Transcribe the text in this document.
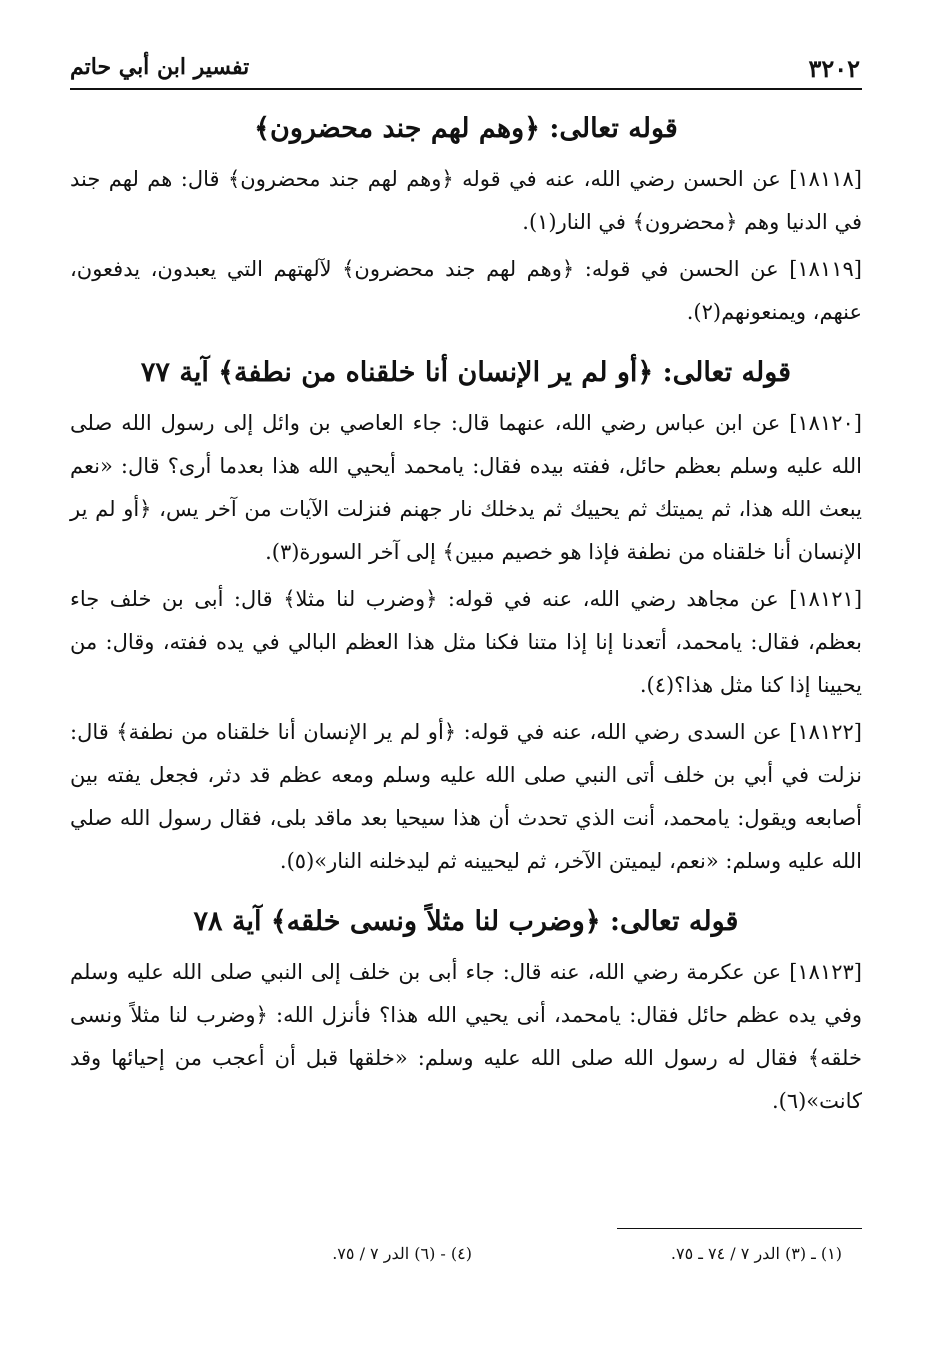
٣٢٠٢
تفسير ابن أبي حاتم
قوله تعالى: ﴿وهم لهم جند محضرون﴾

[١٨١١٨] عن الحسن رضي الله، عنه في قوله ﴿وهم لهم جند محضرون﴾ قال: هم لهم جند في الدنيا وهم ﴿محضرون﴾ في النار(١).

[١٨١١٩] عن الحسن في قوله: ﴿وهم لهم جند محضرون﴾ لآلهتهم التي يعبدون، يدفعون، عنهم، ويمنعونهم(٢).

قوله تعالى: ﴿أو لم ير الإنسان أنا خلقناه من نطفة﴾ آية ٧٧

[١٨١٢٠] عن ابن عباس رضي الله، عنهما قال: جاء العاصي بن وائل إلى رسول الله صلى الله عليه وسلم بعظم حائل، ففته بيده فقال: يامحمد أيحيي الله هذا بعدما أرى؟ قال: «نعم يبعث الله هذا، ثم يميتك ثم يحييك ثم يدخلك نار جهنم فنزلت الآيات من آخر يس، ﴿أو لم ير الإنسان أنا خلقناه من نطفة فإذا هو خصيم مبين﴾ إلى آخر السورة(٣).

[١٨١٢١] عن مجاهد رضي الله، عنه في قوله: ﴿وضرب لنا مثلا﴾ قال: أبى بن خلف جاء بعظم، فقال: يامحمد، أتعدنا إنا إذا متنا فكنا مثل هذا العظم البالي في يده ففته، وقال: من يحيينا إذا كنا مثل هذا؟(٤).

[١٨١٢٢] عن السدى رضي الله، عنه في قوله: ﴿أو لم ير الإنسان أنا خلقناه من نطفة﴾ قال: نزلت في أبي بن خلف أتى النبي صلى الله عليه وسلم ومعه عظم قد دثر، فجعل يفته بين أصابعه ويقول: يامحمد، أنت الذي تحدث أن هذا سيحيا بعد ماقد بلى، فقال رسول الله صلي الله عليه وسلم: «نعم، ليميتن الآخر، ثم ليحيينه ثم ليدخلنه النار»(٥).

قوله تعالى: ﴿وضرب لنا مثلاً ونسى خلقه﴾ آية ٧٨

[١٨١٢٣] عن عكرمة رضي الله، عنه قال: جاء أبى بن خلف إلى النبي صلى الله عليه وسلم وفي يده عظم حائل فقال: يامحمد، أنى يحيي الله هذا؟ فأنزل الله: ﴿وضرب لنا مثلاً ونسى خلقه﴾ فقال له رسول الله صلى الله عليه وسلم: «خلقها قبل أن أعجب من إحيائها وقد كانت»(٦).

(١) ـ (٣) الدر ٧ / ٧٤ ـ ٧٥.
(٤) - (٦) الدر ٧ / ٧٥.
